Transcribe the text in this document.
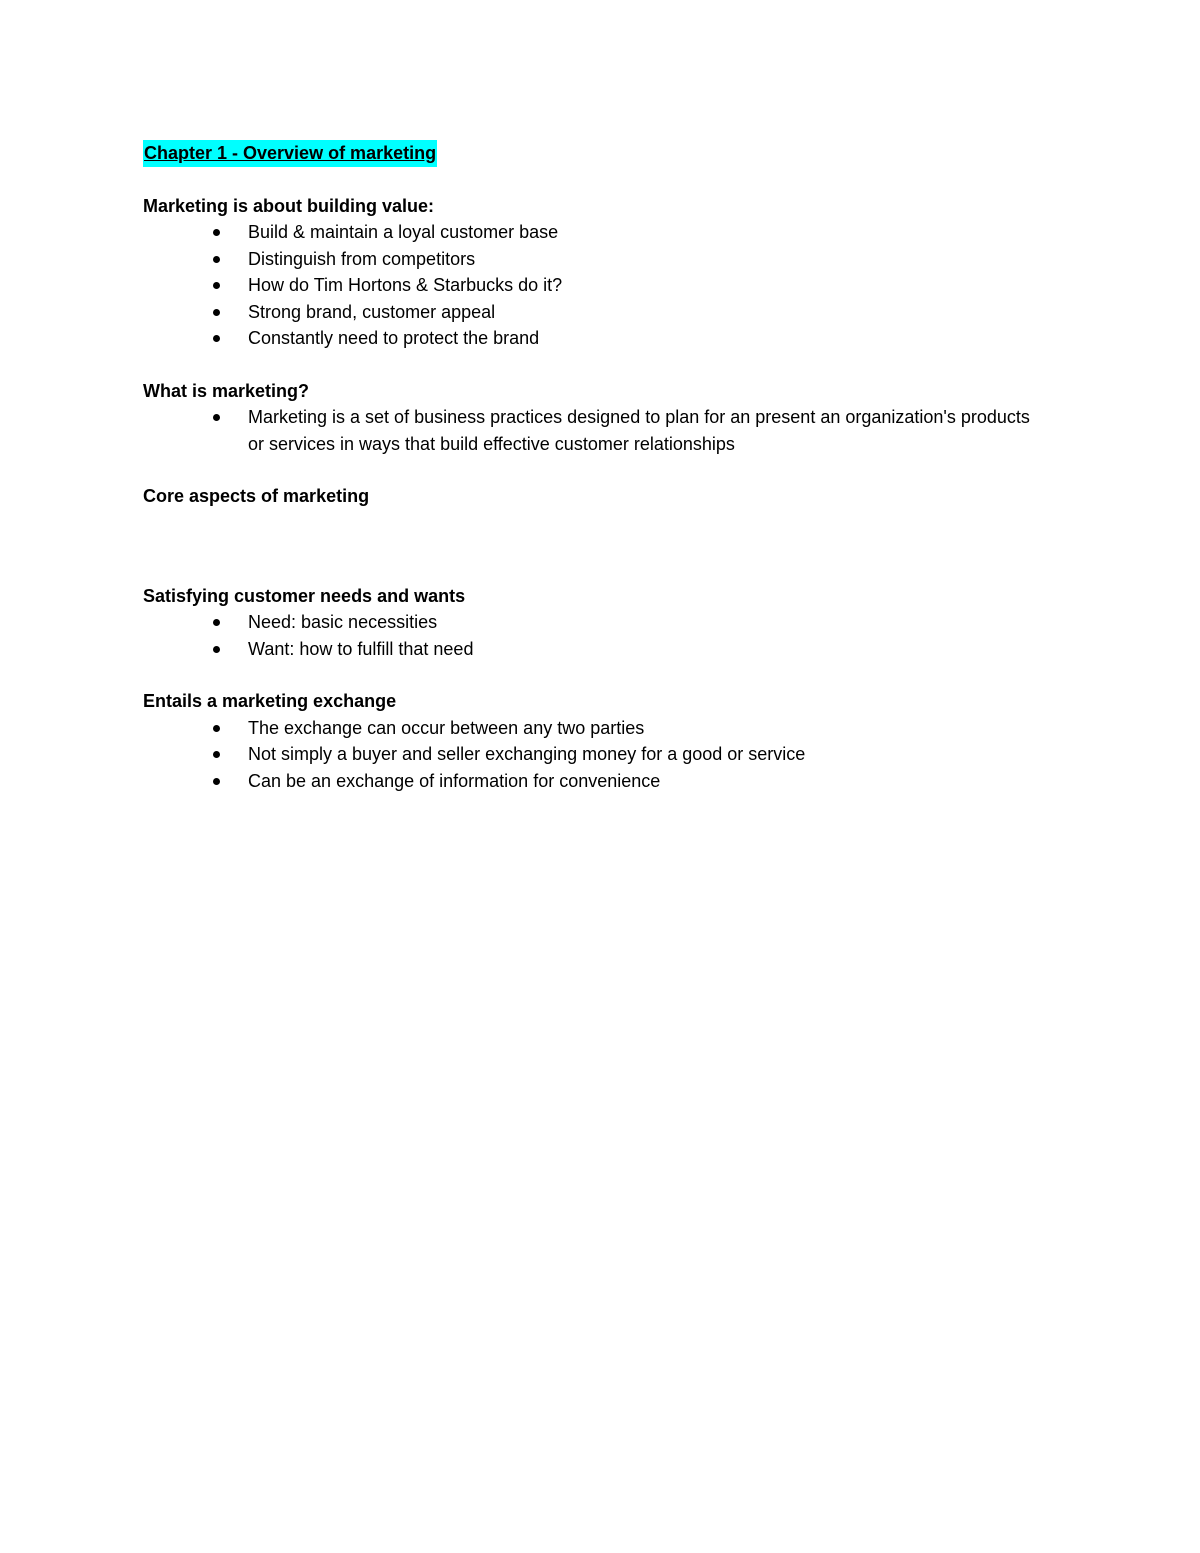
Chapter 1 - Overview of marketing

Marketing is about building value:

Build & maintain a loyal customer base
Distinguish from competitors
How do Tim Hortons & Starbucks do it?
Strong brand, customer appeal
Constantly need to protect the brand

What is marketing?

Marketing is a set of business practices designed to plan for an present an organization's products or services in ways that build effective customer relationships

Core aspects of marketing

Satisfying customer needs and wants

Need: basic necessities
Want: how to fulfill that need

Entails a marketing exchange

The exchange can occur between any two parties
Not simply a buyer and seller exchanging money for a good or service
Can be an exchange of information for convenience
